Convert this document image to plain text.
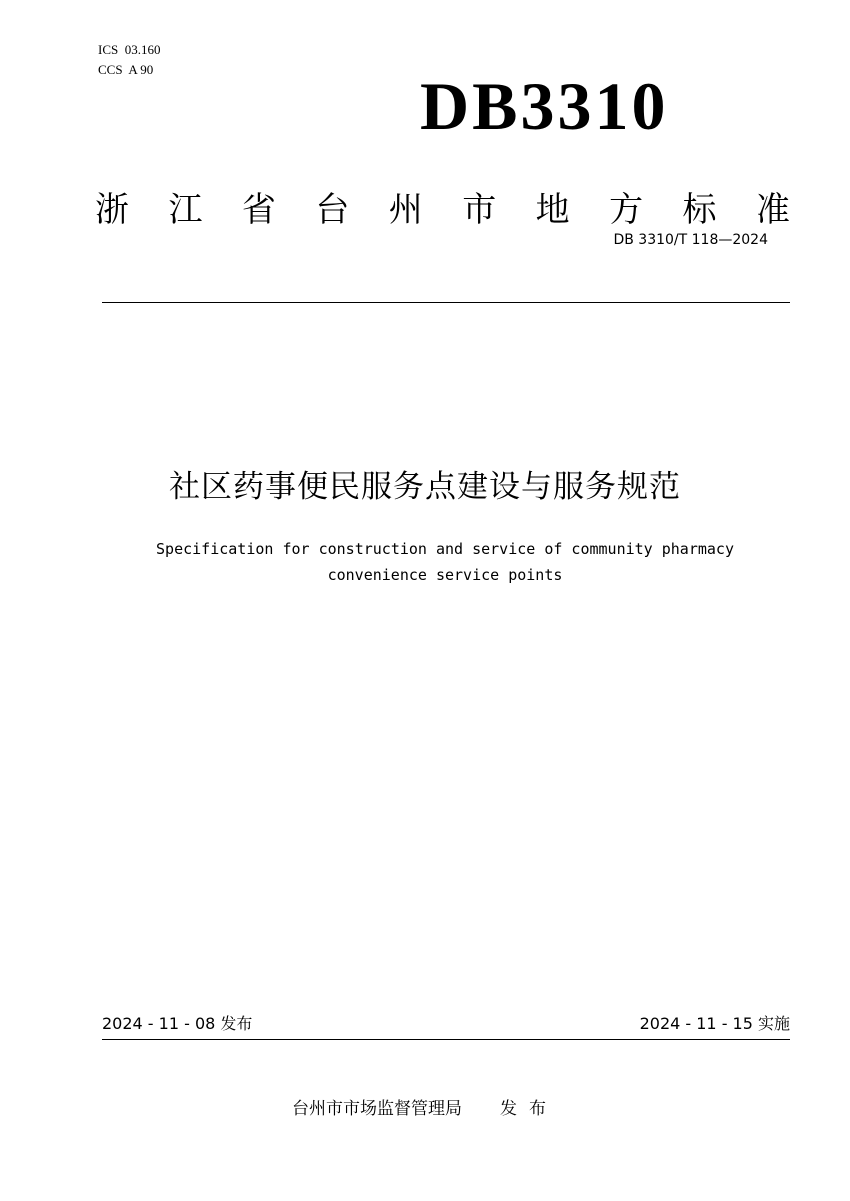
ICS  03.160
CCS  A 90	DB3310
浙 江 省 台 州 市 地 方 标 准
DB 3310/T 118—2024
社区药事便民服务点建设与服务规范
Specification for construction and service of community pharmacy
convenience service points
2024 - 11 - 08 发布	2024 - 11 - 15 实施
台州市市场监督管理局 发布
